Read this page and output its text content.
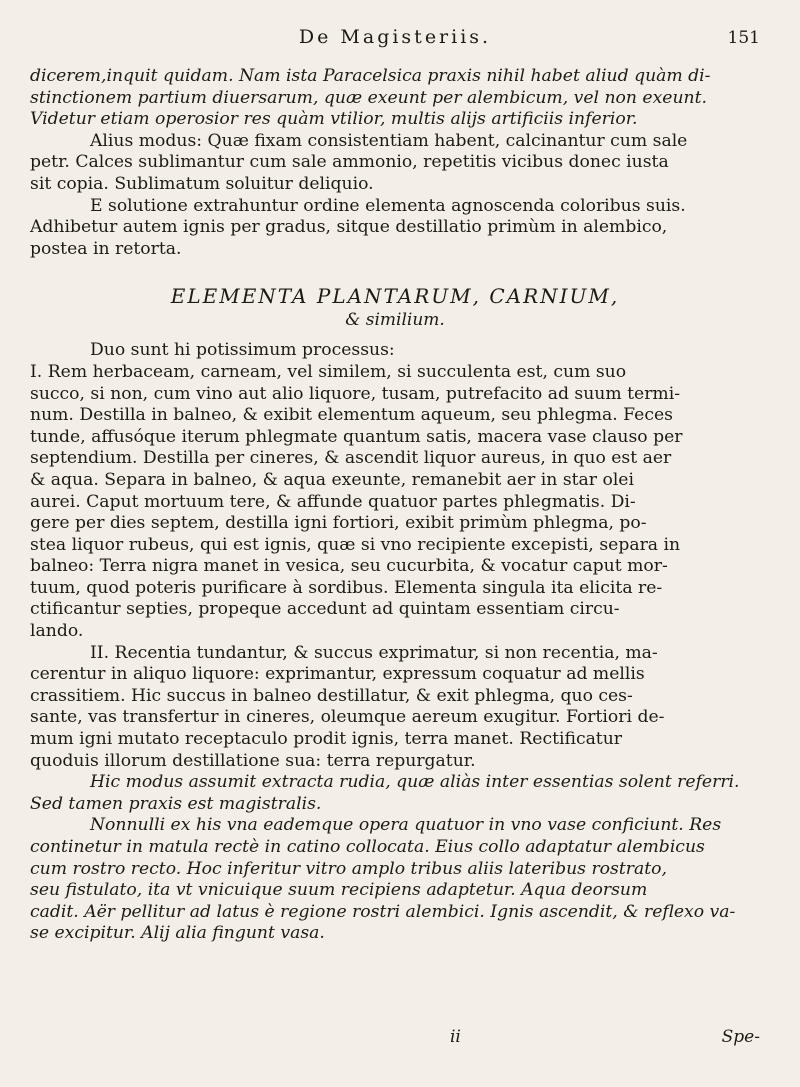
De Magisteriis.	151
dicerem,inquit quidam. Nam ista Paracelsica praxis nihil habet aliud quàm di-
stinctionem partium diuersarum, quæ exeunt per alembicum, vel non exeunt.
Videtur etiam operosior res quàm vtilior, multis alijs artificiis inferior.
Alius modus: Quæ fixam consistentiam habent, calcinantur cum sale
petr. Calces sublimantur cum sale ammonio, repetitis vicibus donec iusta
sit copia. Sublimatum soluitur deliquio.
E solutione extrahuntur ordine elementa agnoscenda coloribus suis.
Adhibetur autem ignis per gradus, sitque destillatio primùm in alembico,
postea in retorta.
ELEMENTA PLANTARUM, CARNIUM,
& similium.
Duo sunt hi potissimum processus:
I. Rem herbaceam, carneam, vel similem, si succulenta est, cum suo
succo, si non, cum vino aut alio liquore, tusam, putrefacito ad suum termi-
num. Destilla in balneo, & exibit elementum aqueum, seu phlegma. Feces
tunde, affusóque iterum phlegmate quantum satis, macera vase clauso per
septendium. Destilla per cineres, & ascendit liquor aureus, in quo est aer
& aqua. Separa in balneo, & aqua exeunte, remanebit aer in star olei
aurei. Caput mortuum tere, & affunde quatuor partes phlegmatis. Di-
gere per dies septem, destilla igni fortiori, exibit primùm phlegma, po-
stea liquor rubeus, qui est ignis, quæ si vno recipiente excepisti, separa in
balneo: Terra nigra manet in vesica, seu cucurbita, & vocatur caput mor-
tuum, quod poteris purificare à sordibus. Elementa singula ita elicita re-
ctificantur septies, propeque accedunt ad quintam essentiam circu-
lando.
II. Recentia tundantur, & succus exprimatur, si non recentia, ma-
cerentur in aliquo liquore: exprimantur, expressum coquatur ad mellis
crassitiem. Hic succus in balneo destillatur, & exit phlegma, quo ces-
sante, vas transfertur in cineres, oleumque aereum exugitur. Fortiori de-
mum igni mutato receptaculo prodit ignis, terra manet. Rectificatur
quoduis illorum destillatione sua: terra repurgatur.
Hic modus assumit extracta rudia, quæ aliàs inter essentias solent referri.
Sed tamen praxis est magistralis.
Nonnulli ex his vna eademque opera quatuor in vno vase conficiunt. Res
continetur in matula rectè in catino collocata. Eius collo adaptatur alembicus
cum rostro recto. Hoc inferitur vitro amplo tribus aliis lateribus rostrato,
seu fistulato, ita vt vnicuique suum recipiens adaptetur. Aqua deorsum
cadit. Aër pellitur ad latus è regione rostri alembici. Ignis ascendit, & reflexo va-
se excipitur. Alij alia fingunt vasa.
ii	Spe-
